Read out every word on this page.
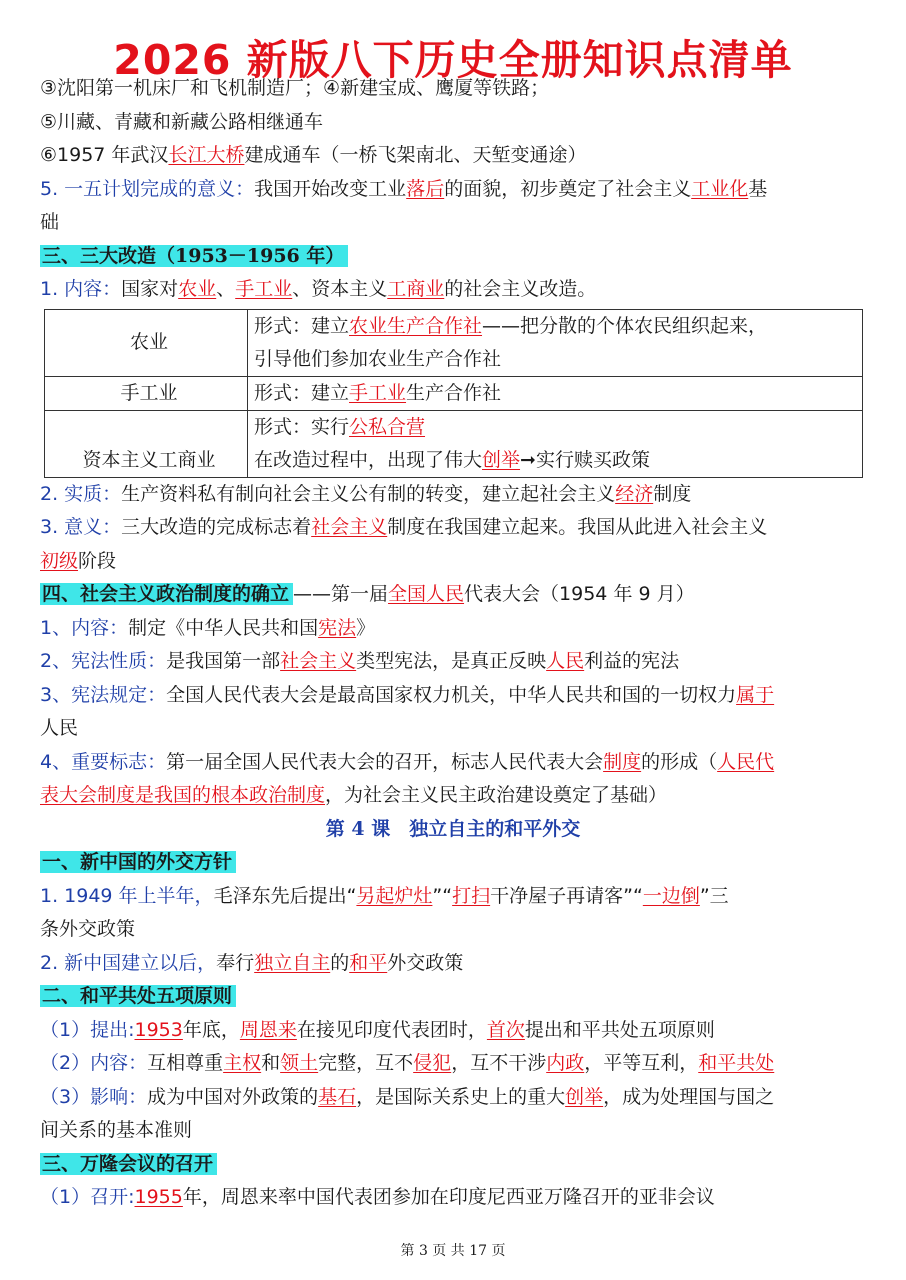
2026 新版八下历史全册知识点清单
③沈阳第一机床厂和飞机制造厂；④新建宝成、鹰厦等铁路；
⑤川藏、青藏和新藏公路相继通车
⑥1957 年武汉长江大桥建成通车（一桥飞架南北、天堑变通途）
5. 一五计划完成的意义：我国开始改变工业落后的面貌，初步奠定了社会主义工业化基
础
三、三大改造（1953－1956 年）
1. 内容：国家对农业、手工业、资本主义工商业的社会主义改造。
农业	形式：建立农业生产合作社——把分散的个体农民组织起来，
引导他们参加农业生产合作社
手工业	形式：建立手工业生产合作社
资本主义工商业	形式：实行公私合营
在改造过程中，出现了伟大创举➞实行赎买政策
2. 实质：生产资料私有制向社会主义公有制的转变，建立起社会主义经济制度
3. 意义：三大改造的完成标志着社会主义制度在我国建立起来。我国从此进入社会主义
初级阶段
四、社会主义政治制度的确立 ——第一届全国人民代表大会（1954 年 9 月）
1、内容：制定《中华人民共和国宪法》
2、宪法性质：是我国第一部社会主义类型宪法，是真正反映人民利益的宪法
3、宪法规定：全国人民代表大会是最高国家权力机关，中华人民共和国的一切权力属于
人民
4、重要标志：第一届全国人民代表大会的召开，标志人民代表大会制度的形成（人民代
表大会制度是我国的根本政治制度，为社会主义民主政治建设奠定了基础）
第 4 课　独立自主的和平外交
一、新中国的外交方针
1. 1949 年上半年，毛泽东先后提出“另起炉灶”“打扫干净屋子再请客”“一边倒”三
条外交政策
2. 新中国建立以后，奉行独立自主的和平外交政策
二、和平共处五项原则
（1）提出:1953年底，周恩来在接见印度代表团时，首次提出和平共处五项原则
（2）内容：互相尊重主权和领土完整，互不侵犯，互不干涉内政，平等互利，和平共处
（3）影响：成为中国对外政策的基石，是国际关系史上的重大创举，成为处理国与国之
间关系的基本准则
三、万隆会议的召开
（1）召开:1955年，周恩来率中国代表团参加在印度尼西亚万隆召开的亚非会议
第 3 页 共 17 页
